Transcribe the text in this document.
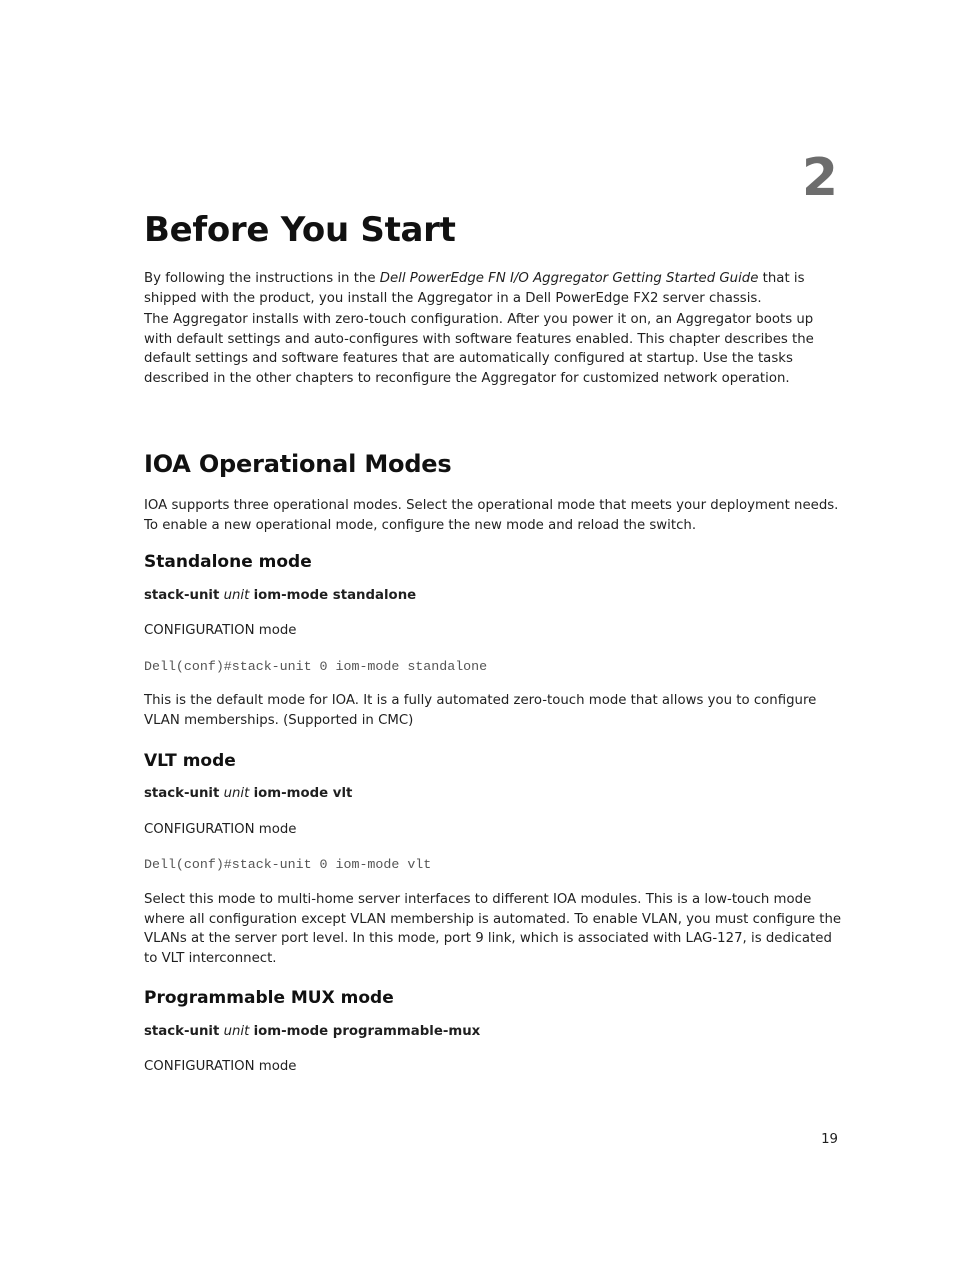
2
Before You Start
By following the instructions in the Dell PowerEdge FN I/O Aggregator Getting Started Guide that is shipped with the product, you install the Aggregator in a Dell PowerEdge FX2 server chassis.
The Aggregator installs with zero-touch configuration. After you power it on, an Aggregator boots up with default settings and auto-configures with software features enabled. This chapter describes the default settings and software features that are automatically configured at startup. Use the tasks described in the other chapters to reconfigure the Aggregator for customized network operation.
IOA Operational Modes
IOA supports three operational modes. Select the operational mode that meets your deployment needs. To enable a new operational mode, configure the new mode and reload the switch.
Standalone mode
stack-unit unit iom-mode standalone
CONFIGURATION mode
Dell(conf)#stack-unit 0 iom-mode standalone
This is the default mode for IOA. It is a fully automated zero-touch mode that allows you to configure VLAN memberships. (Supported in CMC)
VLT mode
stack-unit unit iom-mode vlt
CONFIGURATION mode
Dell(conf)#stack-unit 0 iom-mode vlt
Select this mode to multi-home server interfaces to different IOA modules. This is a low-touch mode where all configuration except VLAN membership is automated. To enable VLAN, you must configure the VLANs at the server port level. In this mode, port 9 link, which is associated with LAG-127, is dedicated to VLT interconnect.
Programmable MUX mode
stack-unit unit iom-mode programmable-mux
CONFIGURATION mode
19
